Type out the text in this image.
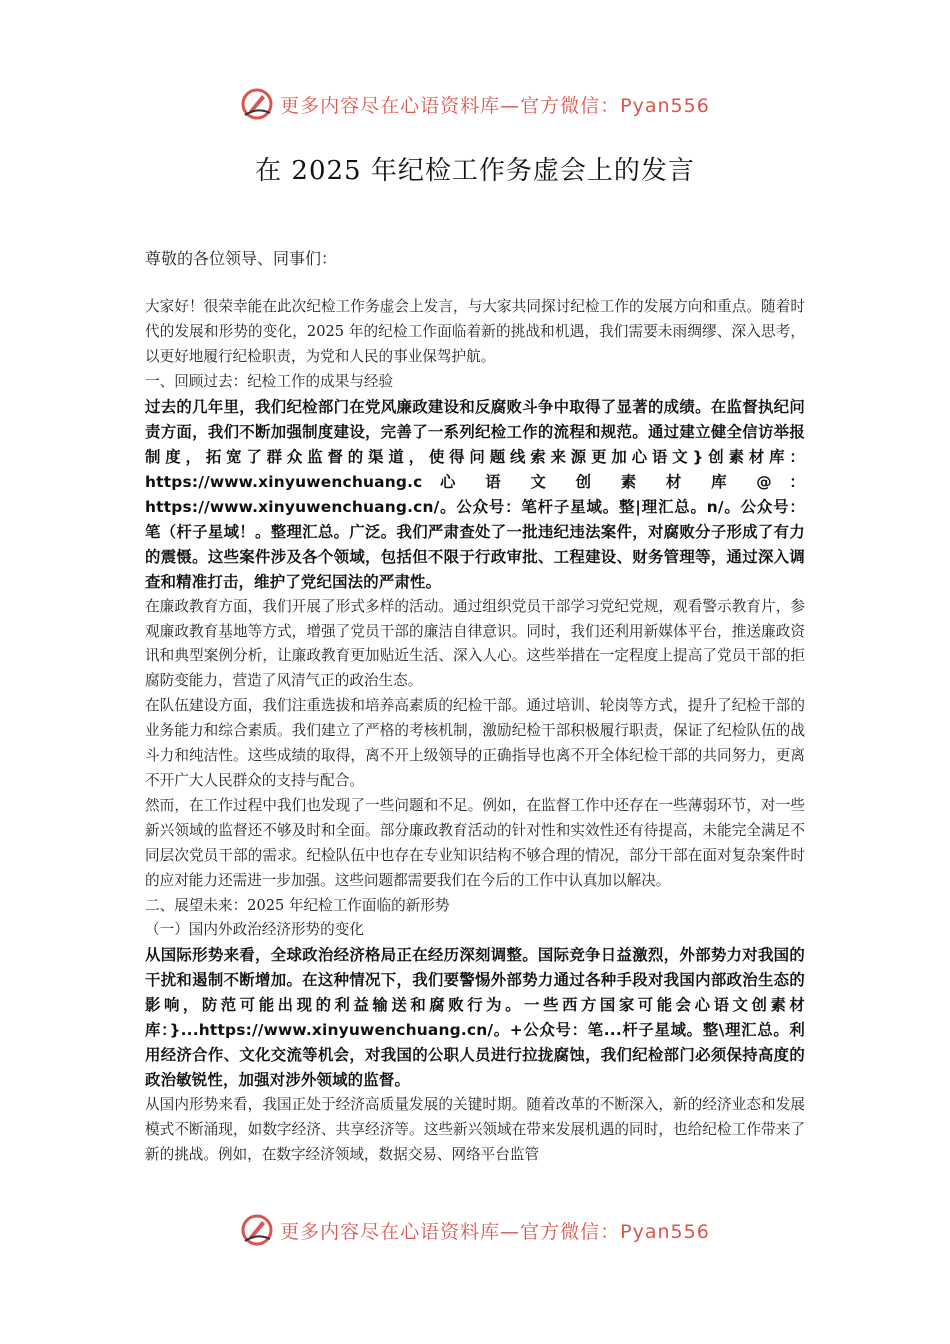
更多内容尽在心语资料库—官方微信：Pyan556
在 2025 年纪检工作务虚会上的发言
尊敬的各位领导、同事们：

大家好！很荣幸能在此次纪检工作务虚会上发言，与大家共同探讨纪检工作的发展方向和重点。随着时代的发展和形势的变化，2025 年的纪检工作面临着新的挑战和机遇，我们需要未雨绸缪、深入思考，以更好地履行纪检职责，为党和人民的事业保驾护航。

一、回顾过去：纪检工作的成果与经验

过去的几年里，我们纪检部门在党风廉政建设和反腐败斗争中取得了显著的成绩。在监督执纪问责方面，我们不断加强制度建设，完善了一系列纪检工作的流程和规范。通过建立健全信访举报制度，拓宽了群众监督的渠道，使得问题线索来源更加心语文}创素材库：https://www.xinyuwenchuang.c 心 语 文 创 素 材 库 @ ： https://www.xinyuwenchuang.cn/。公众号：笔杆子星域。整|理汇总。n/。公众号：笔（杆子星域！。整理汇总。广泛。我们严肃查处了一批违纪违法案件，对腐败分子形成了有力的震慑。这些案件涉及各个领域，包括但不限于行政审批、工程建设、财务管理等，通过深入调查和精准打击，维护了党纪国法的严肃性。

在廉政教育方面，我们开展了形式多样的活动。通过组织党员干部学习党纪党规，观看警示教育片，参观廉政教育基地等方式，增强了党员干部的廉洁自律意识。同时，我们还利用新媒体平台，推送廉政资讯和典型案例分析，让廉政教育更加贴近生活、深入人心。这些举措在一定程度上提高了党员干部的拒腐防变能力，营造了风清气正的政治生态。

在队伍建设方面，我们注重选拔和培养高素质的纪检干部。通过培训、轮岗等方式，提升了纪检干部的业务能力和综合素质。我们建立了严格的考核机制，激励纪检干部积极履行职责，保证了纪检队伍的战斗力和纯洁性。这些成绩的取得，离不开上级领导的正确指导也离不开全体纪检干部的共同努力，更离不开广大人民群众的支持与配合。

然而，在工作过程中我们也发现了一些问题和不足。例如，在监督工作中还存在一些薄弱环节，对一些新兴领域的监督还不够及时和全面。部分廉政教育活动的针对性和实效性还有待提高，未能完全满足不同层次党员干部的需求。纪检队伍中也存在专业知识结构不够合理的情况，部分干部在面对复杂案件时的应对能力还需进一步加强。这些问题都需要我们在今后的工作中认真加以解决。

二、展望未来：2025 年纪检工作面临的新形势

（一）国内外政治经济形势的变化

从国际形势来看，全球政治经济格局正在经历深刻调整。国际竞争日益激烈，外部势力对我国的干扰和遏制不断增加。在这种情况下，我们要警惕外部势力通过各种手段对我国内部政治生态的影响，防范可能出现的利益输送和腐败行为。一些西方国家可能会心语文创素材库：}...https://www.xinyuwenchuang.cn/。+公众号：笔...杆子星域。整\理汇总。利用经济合作、文化交流等机会，对我国的公职人员进行拉拢腐蚀，我们纪检部门必须保持高度的政治敏锐性，加强对涉外领域的监督。

从国内形势来看，我国正处于经济高质量发展的关键时期。随着改革的不断深入，新的经济业态和发展模式不断涌现，如数字经济、共享经济等。这些新兴领域在带来发展机遇的同时，也给纪检工作带来了新的挑战。例如，在数字经济领域，数据交易、网络平台监管

更多内容尽在心语资料库—官方微信：Pyan556
